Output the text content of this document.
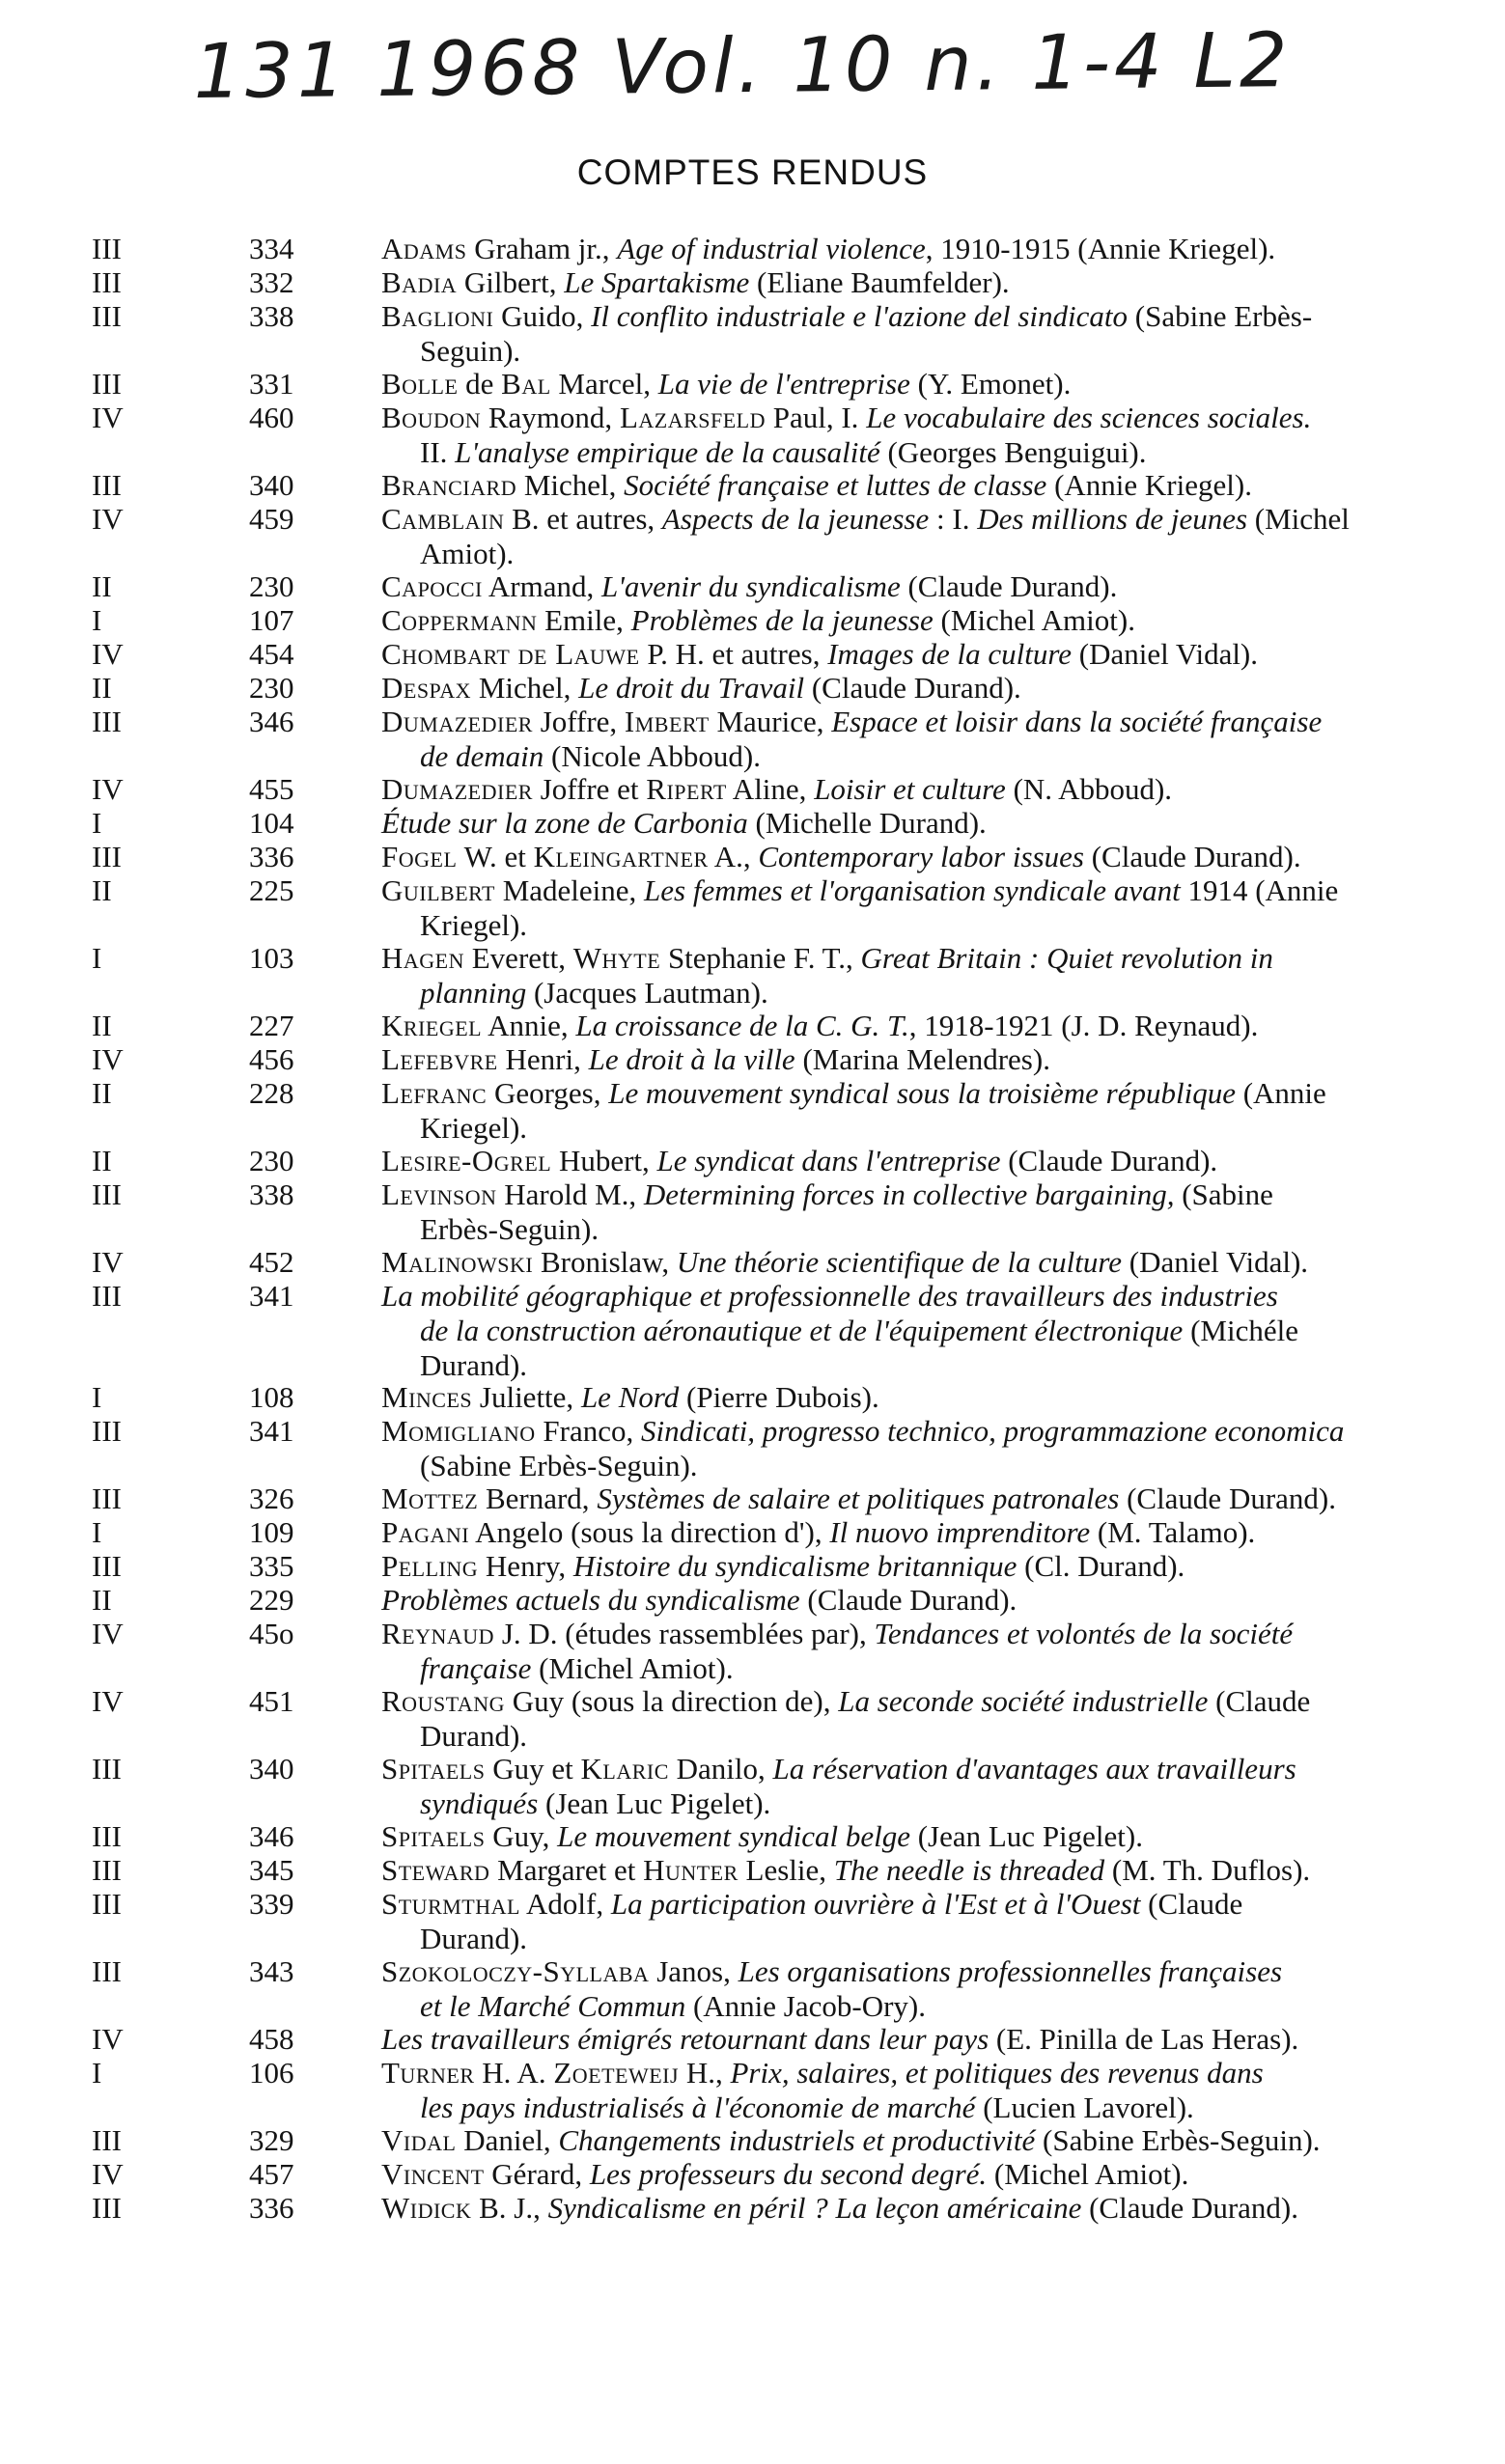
131 1968 Vol. 10 n. 1-4 L2
COMPTES RENDUS
III	334	Adams Graham jr., Age of industrial violence, 1910-1915 (Annie Kriegel).
III	332	Badia Gilbert, Le Spartakisme (Eliane Baumfelder).
III	338	Baglioni Guido, Il conflito industriale e l'azione del sindicato (Sabine Erbès-
Seguin).
III	331	Bolle de Bal Marcel, La vie de l'entreprise (Y. Emonet).
IV	460	Boudon Raymond, Lazarsfeld Paul, I. Le vocabulaire des sciences sociales.
II. L'analyse empirique de la causalité (Georges Benguigui).
III	340	Branciard Michel, Société française et luttes de classe (Annie Kriegel).
IV	459	Camblain B. et autres, Aspects de la jeunesse : I. Des millions de jeunes (Michel
Amiot).
II	230	Capocci Armand, L'avenir du syndicalisme (Claude Durand).
I	107	Coppermann Emile, Problèmes de la jeunesse (Michel Amiot).
IV	454	Chombart de Lauwe P. H. et autres, Images de la culture (Daniel Vidal).
II	230	Despax Michel, Le droit du Travail (Claude Durand).
III	346	Dumazedier Joffre, Imbert Maurice, Espace et loisir dans la société française
de demain (Nicole Abboud).
IV	455	Dumazedier Joffre et Ripert Aline, Loisir et culture (N. Abboud).
I	104	Étude sur la zone de Carbonia (Michelle Durand).
III	336	Fogel W. et Kleingartner A., Contemporary labor issues (Claude Durand).
II	225	Guilbert Madeleine, Les femmes et l'organisation syndicale avant 1914 (Annie
Kriegel).
I	103	Hagen Everett, Whyte Stephanie F. T., Great Britain : Quiet revolution in
planning (Jacques Lautman).
II	227	Kriegel Annie, La croissance de la C. G. T., 1918-1921 (J. D. Reynaud).
IV	456	Lefebvre Henri, Le droit à la ville (Marina Melendres).
II	228	Lefranc Georges, Le mouvement syndical sous la troisième république (Annie
Kriegel).
II	230	Lesire-Ogrel Hubert, Le syndicat dans l'entreprise (Claude Durand).
III	338	Levinson Harold M., Determining forces in collective bargaining, (Sabine
Erbès-Seguin).
IV	452	Malinowski Bronislaw, Une théorie scientifique de la culture (Daniel Vidal).
III	341	La mobilité géographique et professionnelle des travailleurs des industries
de la construction aéronautique et de l'équipement électronique (Michéle
Durand).
I	108	Minces Juliette, Le Nord (Pierre Dubois).
III	341	Momigliano Franco, Sindicati, progresso technico, programmazione economica
(Sabine Erbès-Seguin).
III	326	Mottez Bernard, Systèmes de salaire et politiques patronales (Claude Durand).
I	109	Pagani Angelo (sous la direction d'), Il nuovo imprenditore (M. Talamo).
III	335	Pelling Henry, Histoire du syndicalisme britannique (Cl. Durand).
II	229	Problèmes actuels du syndicalisme (Claude Durand).
IV	45o	Reynaud J. D. (études rassemblées par), Tendances et volontés de la société
française (Michel Amiot).
IV	451	Roustang Guy (sous la direction de), La seconde société industrielle (Claude
Durand).
III	340	Spitaels Guy et Klaric Danilo, La réservation d'avantages aux travailleurs
syndiqués (Jean Luc Pigelet).
III	346	Spitaels Guy, Le mouvement syndical belge (Jean Luc Pigelet).
III	345	Steward Margaret et Hunter Leslie, The needle is threaded (M. Th. Duflos).
III	339	Sturmthal Adolf, La participation ouvrière à l'Est et à l'Ouest (Claude
Durand).
III	343	Szokoloczy-Syllaba Janos, Les organisations professionnelles françaises
et le Marché Commun (Annie Jacob-Ory).
IV	458	Les travailleurs émigrés retournant dans leur pays (E. Pinilla de Las Heras).
I	106	Turner H. A. Zoeteweij H., Prix, salaires, et politiques des revenus dans
les pays industrialisés à l'économie de marché (Lucien Lavorel).
III	329	Vidal Daniel, Changements industriels et productivité (Sabine Erbès-Seguin).
IV	457	Vincent Gérard, Les professeurs du second degré. (Michel Amiot).
III	336	Widick B. J., Syndicalisme en péril ? La leçon américaine (Claude Durand).
